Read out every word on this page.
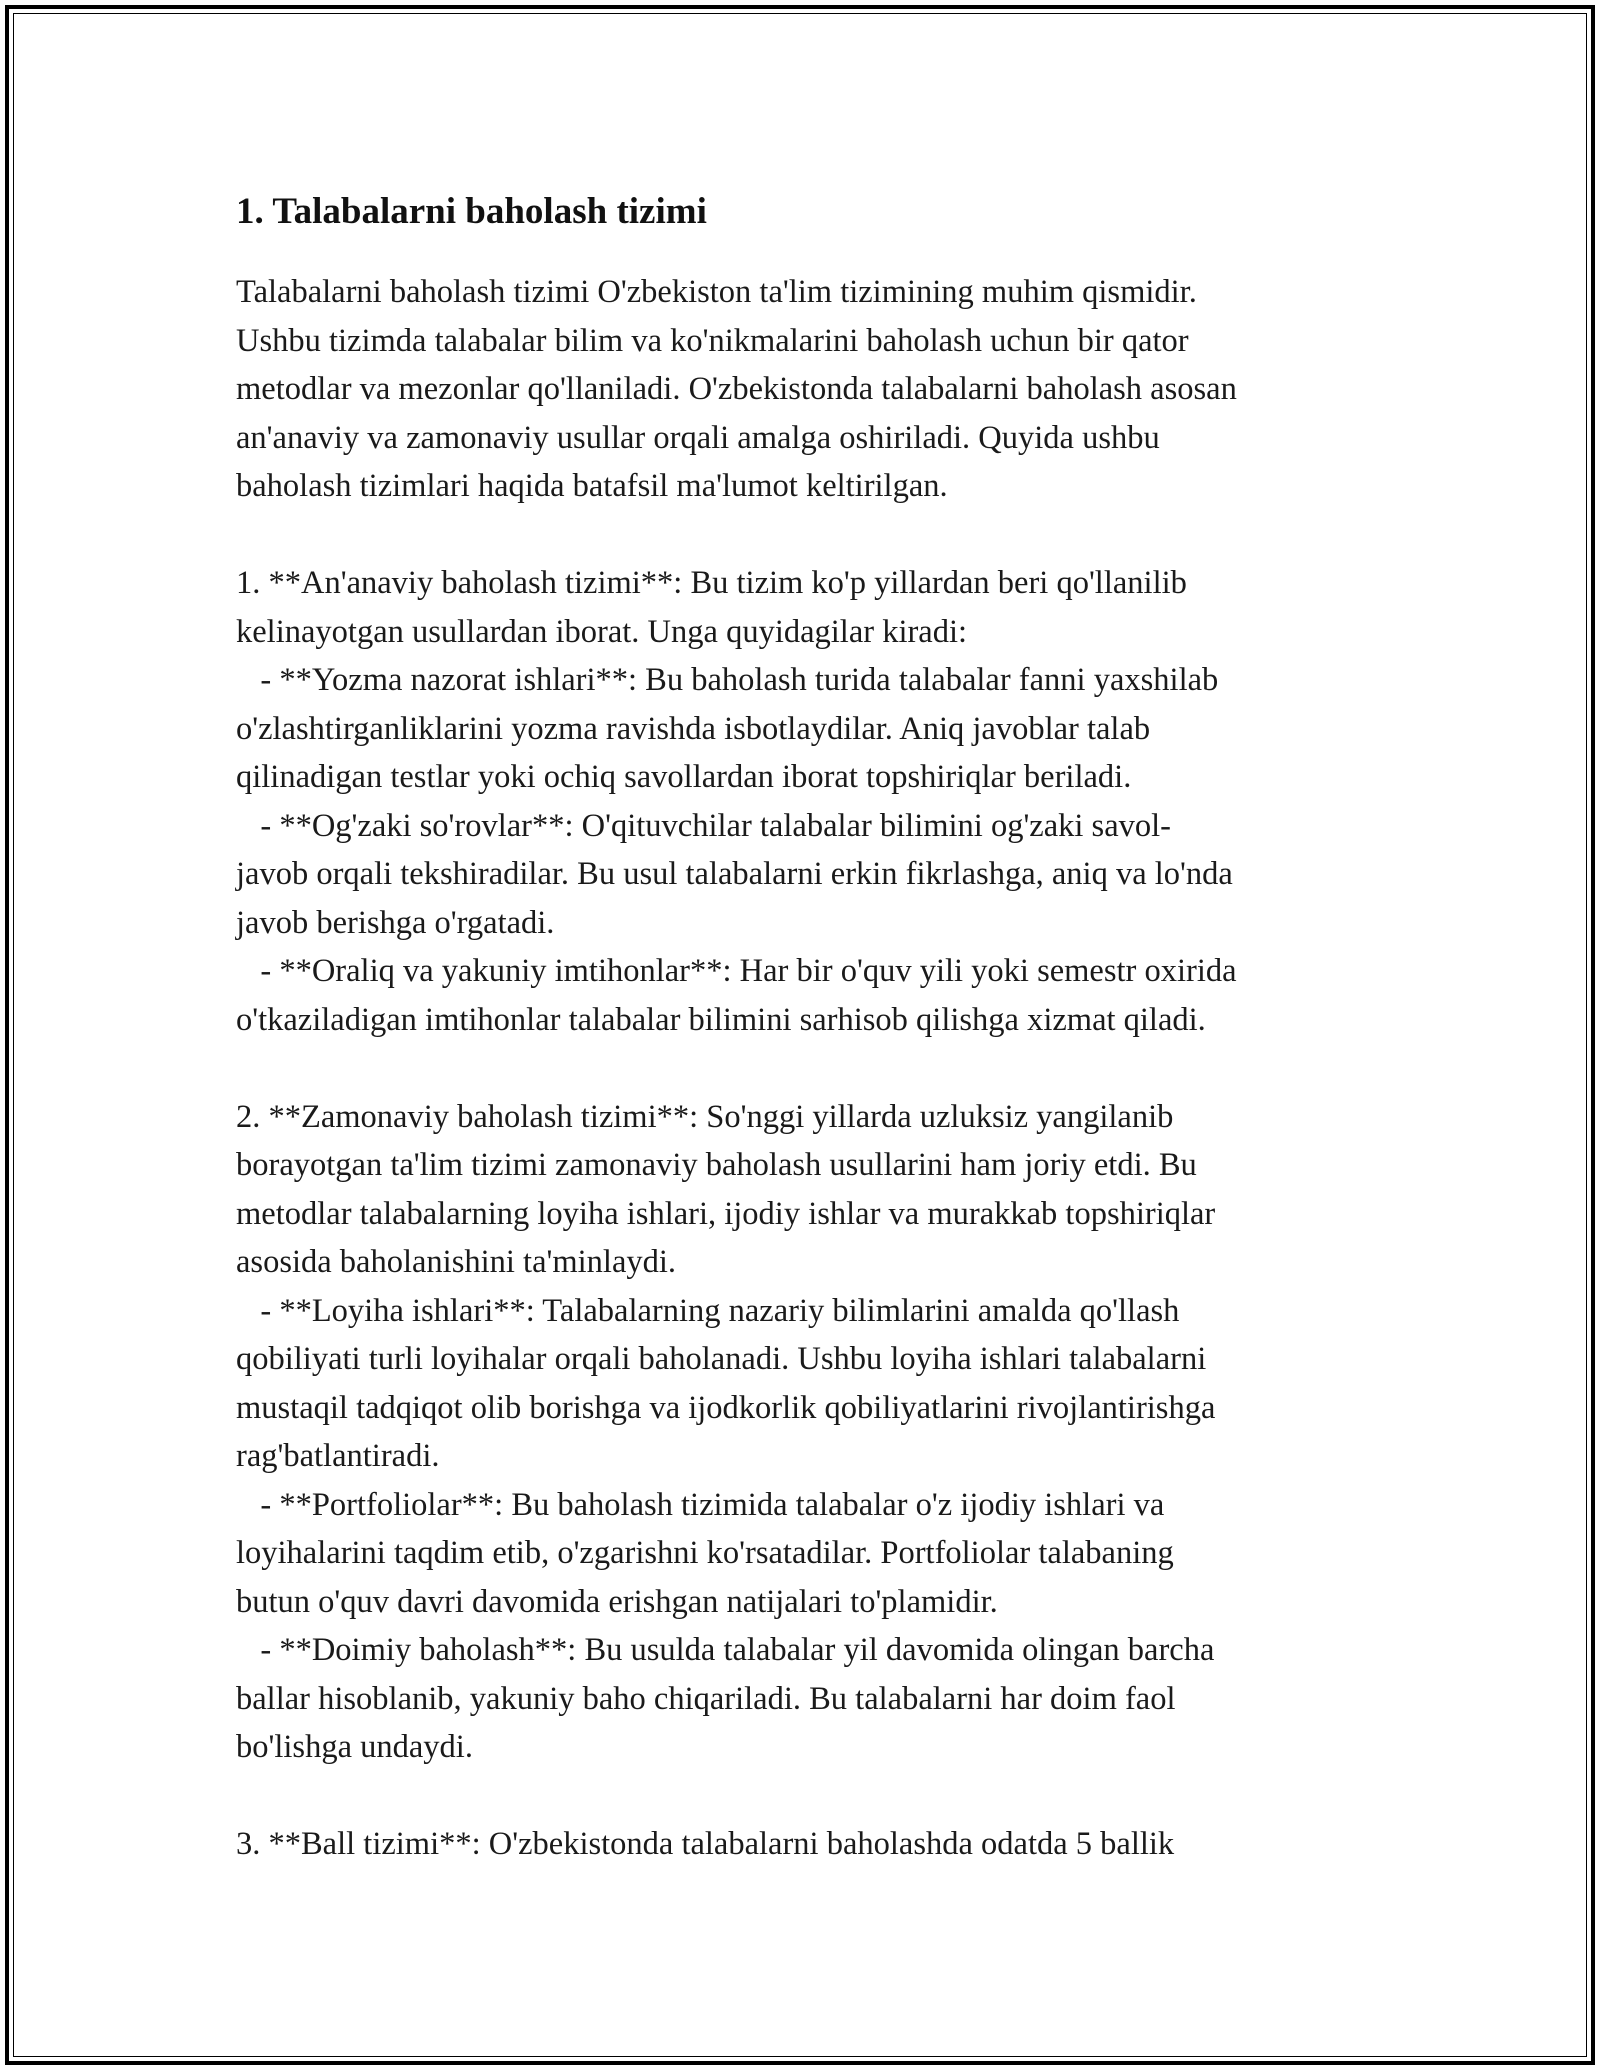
1. Talabalarni baholash tizimi

Talabalarni baholash tizimi O'zbekiston ta'lim tizimining muhim qismidir.
Ushbu tizimda talabalar bilim va ko'nikmalarini baholash uchun bir qator
metodlar va mezonlar qo'llaniladi. O'zbekistonda talabalarni baholash asosan
an'anaviy va zamonaviy usullar orqali amalga oshiriladi. Quyida ushbu
baholash tizimlari haqida batafsil ma'lumot keltirilgan.

1. **An'anaviy baholash tizimi**: Bu tizim ko'p yillardan beri qo'llanilib
kelinayotgan usullardan iborat. Unga quyidagilar kiradi:
- **Yozma nazorat ishlari**: Bu baholash turida talabalar fanni yaxshilab
o'zlashtirganliklarini yozma ravishda isbotlaydilar. Aniq javoblar talab
qilinadigan testlar yoki ochiq savollardan iborat topshiriqlar beriladi.
- **Og'zaki so'rovlar**: O'qituvchilar talabalar bilimini og'zaki savol-
javob orqali tekshiradilar. Bu usul talabalarni erkin fikrlashga, aniq va lo'nda
javob berishga o'rgatadi.
- **Oraliq va yakuniy imtihonlar**: Har bir o'quv yili yoki semestr oxirida
o'tkaziladigan imtihonlar talabalar bilimini sarhisob qilishga xizmat qiladi.

2. **Zamonaviy baholash tizimi**: So'nggi yillarda uzluksiz yangilanib
borayotgan ta'lim tizimi zamonaviy baholash usullarini ham joriy etdi. Bu
metodlar talabalarning loyiha ishlari, ijodiy ishlar va murakkab topshiriqlar
asosida baholanishini ta'minlaydi.
- **Loyiha ishlari**: Talabalarning nazariy bilimlarini amalda qo'llash
qobiliyati turli loyihalar orqali baholanadi. Ushbu loyiha ishlari talabalarni
mustaqil tadqiqot olib borishga va ijodkorlik qobiliyatlarini rivojlantirishga
rag'batlantiradi.
- **Portfoliolar**: Bu baholash tizimida talabalar o'z ijodiy ishlari va
loyihalarini taqdim etib, o'zgarishni ko'rsatadilar. Portfoliolar talabaning
butun o'quv davri davomida erishgan natijalari to'plamidir.
- **Doimiy baholash**: Bu usulda talabalar yil davomida olingan barcha
ballar hisoblanib, yakuniy baho chiqariladi. Bu talabalarni har doim faol
bo'lishga undaydi.

3. **Ball tizimi**: O'zbekistonda talabalarni baholashda odatda 5 ballik
